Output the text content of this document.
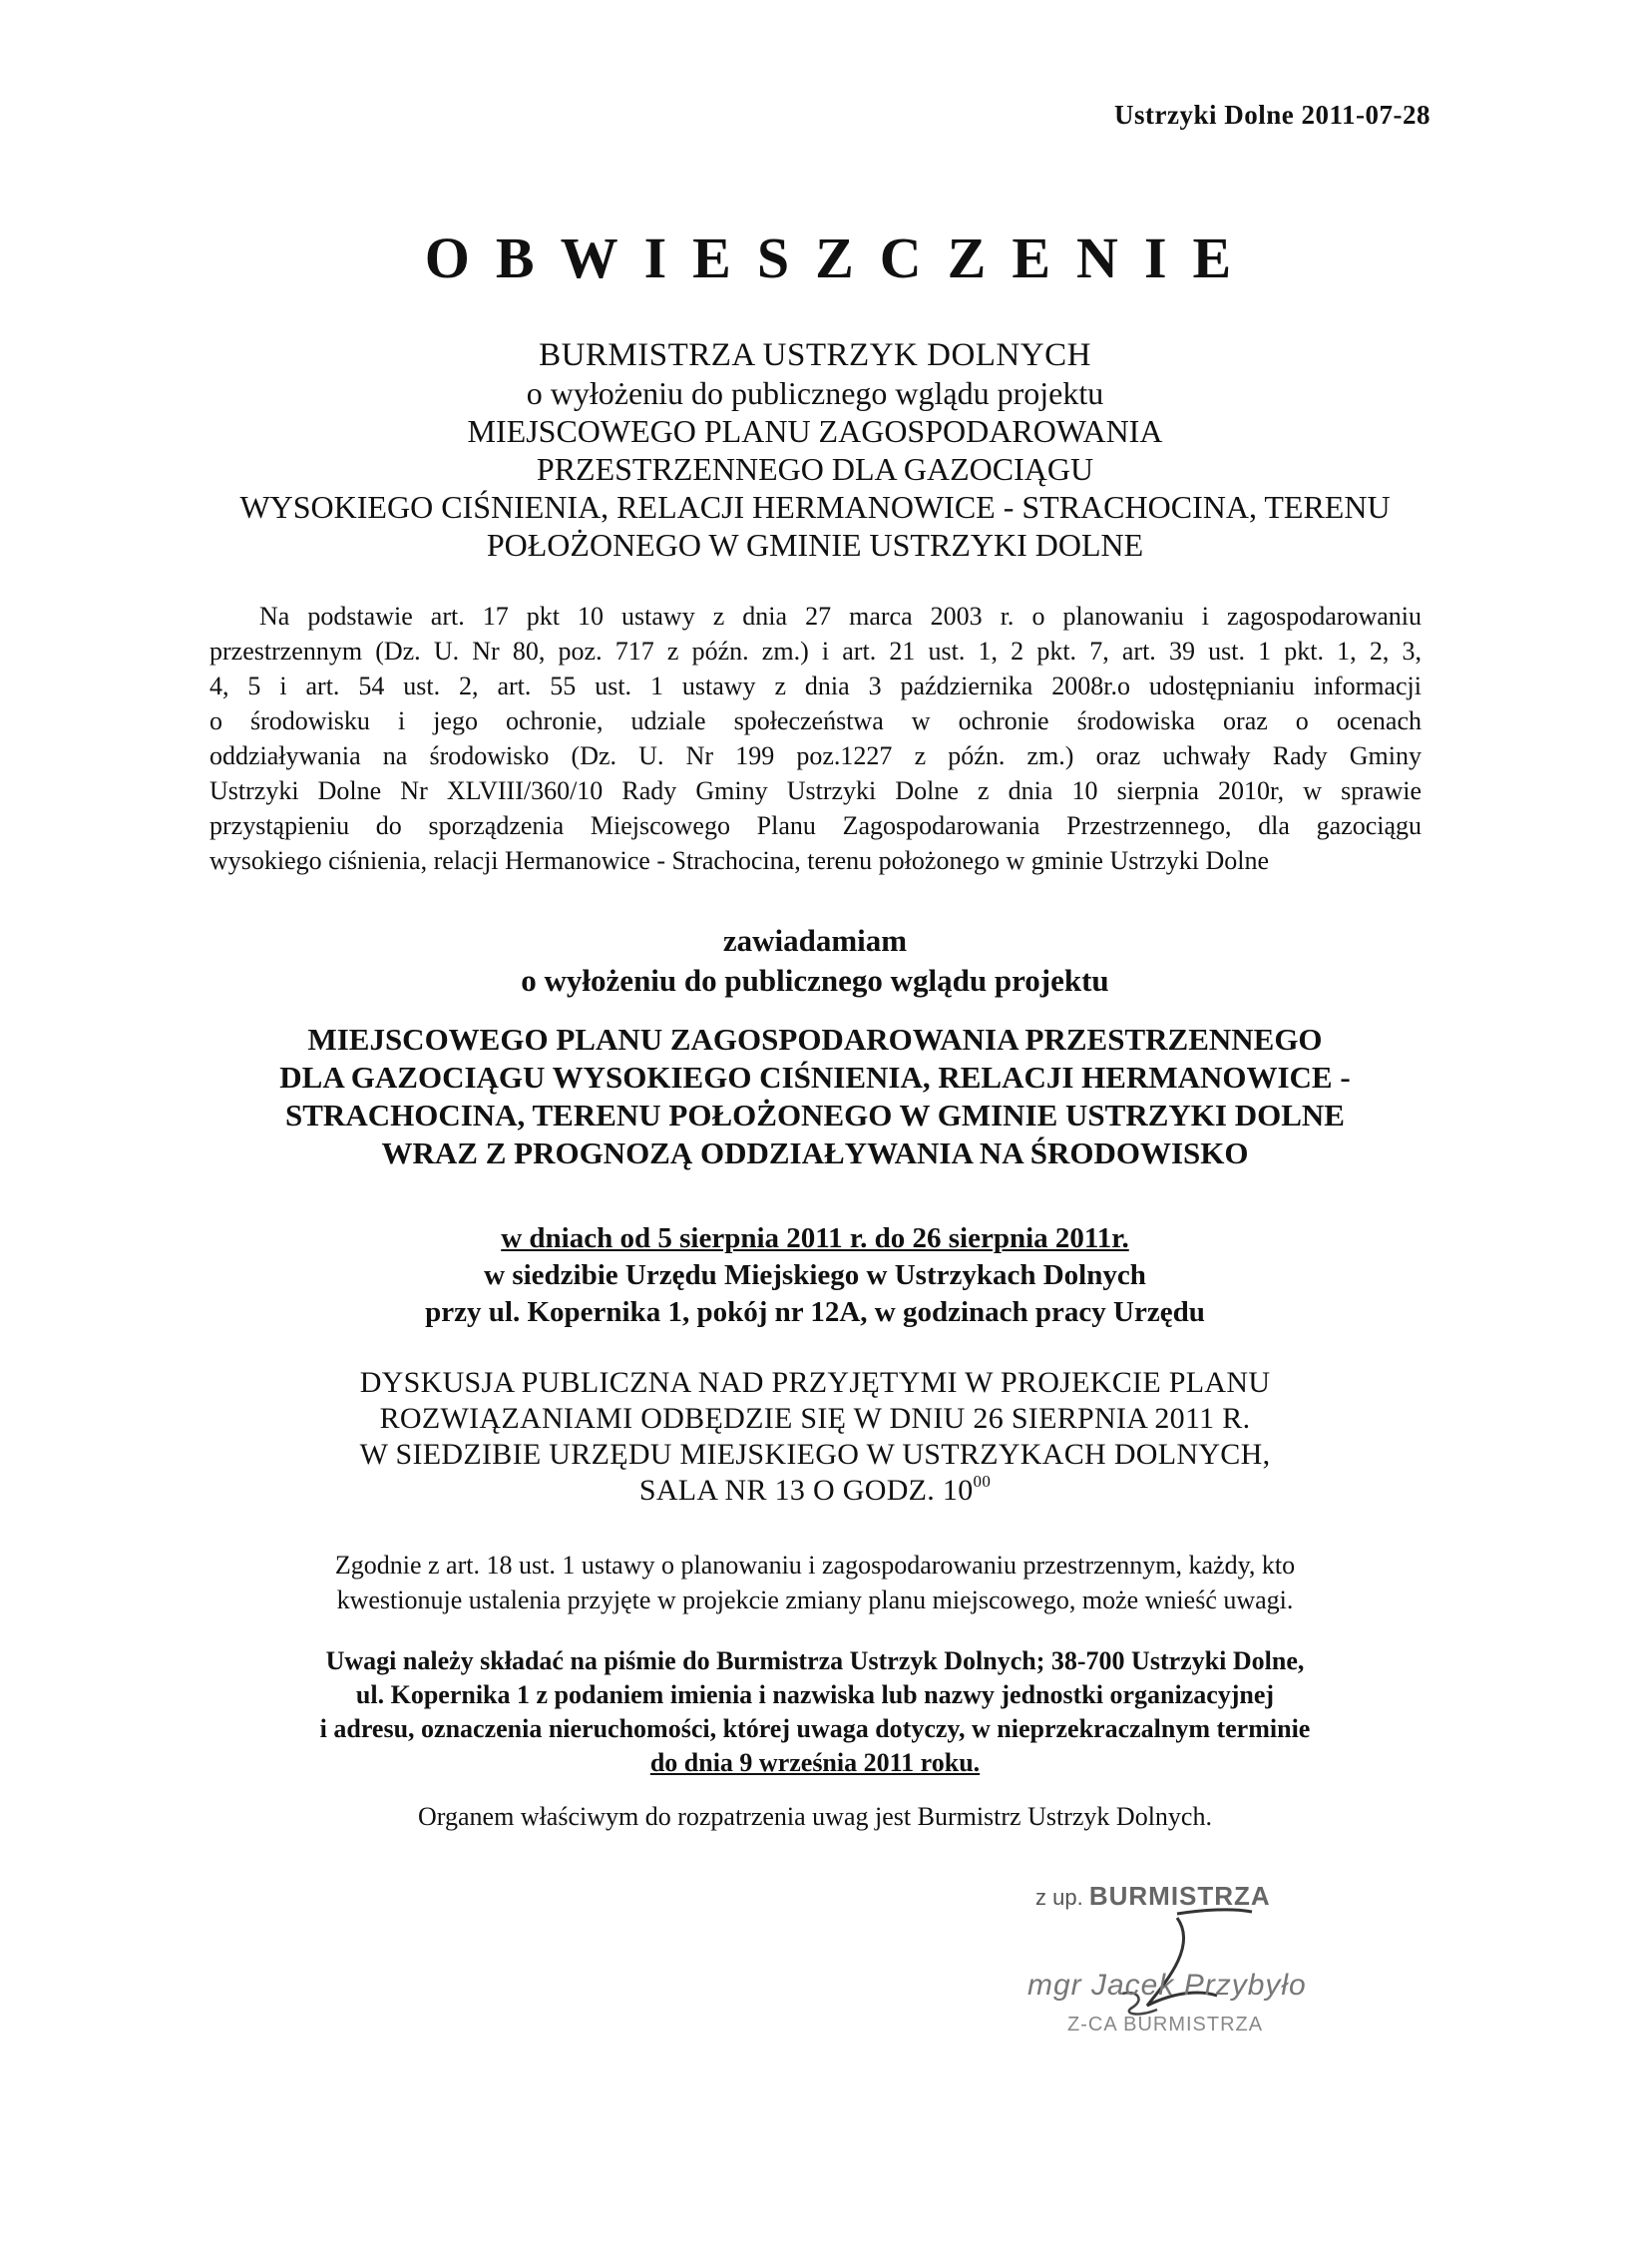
Ustrzyki Dolne 2011-07-28
OBWIESZCZENIE
BURMISTRZA USTRZYK DOLNYCH
o wyłożeniu do publicznego wglądu projektu
MIEJSCOWEGO PLANU ZAGOSPODAROWANIA
PRZESTRZENNEGO DLA GAZOCIĄGU
WYSOKIEGO CIŚNIENIA, RELACJI HERMANOWICE - STRACHOCINA, TERENU
POŁOŻONEGO W GMINIE USTRZYKI DOLNE
Na podstawie art. 17 pkt 10 ustawy z dnia 27 marca 2003 r. o planowaniu i zagospodarowaniu
przestrzennym (Dz. U. Nr 80, poz. 717 z późn. zm.) i art. 21 ust. 1, 2 pkt. 7, art. 39 ust. 1 pkt. 1, 2, 3,
4, 5 i art. 54 ust. 2, art. 55 ust. 1 ustawy z dnia 3 października 2008r.o udostępnianiu informacji
o środowisku i jego ochronie, udziale społeczeństwa w ochronie środowiska oraz o ocenach
oddziaływania na środowisko (Dz. U. Nr 199 poz.1227 z późn. zm.) oraz uchwały Rady Gminy
Ustrzyki Dolne Nr XLVIII/360/10 Rady Gminy Ustrzyki Dolne z dnia 10 sierpnia 2010r, w sprawie
przystąpieniu do sporządzenia Miejscowego Planu Zagospodarowania Przestrzennego, dla gazociągu
wysokiego ciśnienia, relacji Hermanowice - Strachocina, terenu położonego w gminie Ustrzyki Dolne
zawiadamiam
o wyłożeniu do publicznego wglądu projektu
MIEJSCOWEGO PLANU ZAGOSPODAROWANIA PRZESTRZENNEGO
DLA GAZOCIĄGU WYSOKIEGO CIŚNIENIA, RELACJI HERMANOWICE -
STRACHOCINA, TERENU POŁOŻONEGO W GMINIE USTRZYKI DOLNE
WRAZ Z PROGNOZĄ ODDZIAŁYWANIA NA ŚRODOWISKO
w dniach od 5 sierpnia 2011 r. do 26 sierpnia 2011r.
w siedzibie Urzędu Miejskiego w Ustrzykach Dolnych
przy ul. Kopernika 1, pokój nr 12A, w godzinach pracy Urzędu
DYSKUSJA PUBLICZNA NAD PRZYJĘTYMI W PROJEKCIE PLANU
ROZWIĄZANIAMI ODBĘDZIE SIĘ W DNIU 26 SIERPNIA 2011 R.
W SIEDZIBIE URZĘDU MIEJSKIEGO W USTRZYKACH DOLNYCH,
SALA NR 13 O GODZ. $10^{00}$
Zgodnie z art. 18 ust. 1 ustawy o planowaniu i zagospodarowaniu przestrzennym, każdy, kto
kwestionuje ustalenia przyjęte w projekcie zmiany planu miejscowego, może wnieść uwagi.
Uwagi należy składać na piśmie do Burmistrza Ustrzyk Dolnych; 38-700 Ustrzyki Dolne,
ul. Kopernika 1 z podaniem imienia i nazwiska lub nazwy jednostki organizacyjnej
i adresu, oznaczenia nieruchomości, której uwaga dotyczy, w nieprzekraczalnym terminie
do dnia 9 września 2011 roku.
Organem właściwym do rozpatrzenia uwag jest Burmistrz Ustrzyk Dolnych.
z up. BURMISTRZA
mgr Jacek Przybyło
Z-CA BURMISTRZA
